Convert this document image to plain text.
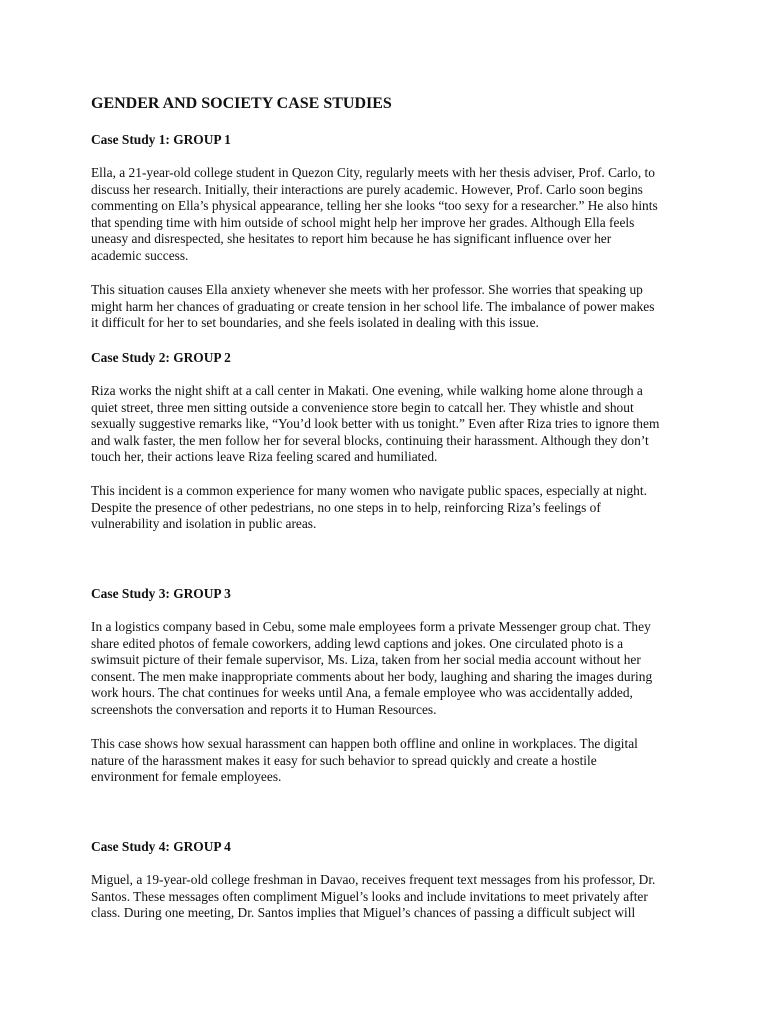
GENDER AND SOCIETY CASE STUDIES
Case Study 1: GROUP 1

Ella, a 21-year-old college student in Quezon City, regularly meets with her thesis adviser, Prof. Carlo, to
discuss her research. Initially, their interactions are purely academic. However, Prof. Carlo soon begins
commenting on Ella’s physical appearance, telling her she looks “too sexy for a researcher.” He also hints
that spending time with him outside of school might help her improve her grades. Although Ella feels
uneasy and disrespected, she hesitates to report him because he has significant influence over her
academic success.

This situation causes Ella anxiety whenever she meets with her professor. She worries that speaking up
might harm her chances of graduating or create tension in her school life. The imbalance of power makes
it difficult for her to set boundaries, and she feels isolated in dealing with this issue.

Case Study 2: GROUP 2

Riza works the night shift at a call center in Makati. One evening, while walking home alone through a
quiet street, three men sitting outside a convenience store begin to catcall her. They whistle and shout
sexually suggestive remarks like, “You’d look better with us tonight.” Even after Riza tries to ignore them
and walk faster, the men follow her for several blocks, continuing their harassment. Although they don’t
touch her, their actions leave Riza feeling scared and humiliated.

This incident is a common experience for many women who navigate public spaces, especially at night.
Despite the presence of other pedestrians, no one steps in to help, reinforcing Riza’s feelings of
vulnerability and isolation in public areas.

Case Study 3: GROUP 3

In a logistics company based in Cebu, some male employees form a private Messenger group chat. They
share edited photos of female coworkers, adding lewd captions and jokes. One circulated photo is a
swimsuit picture of their female supervisor, Ms. Liza, taken from her social media account without her
consent. The men make inappropriate comments about her body, laughing and sharing the images during
work hours. The chat continues for weeks until Ana, a female employee who was accidentally added,
screenshots the conversation and reports it to Human Resources.

This case shows how sexual harassment can happen both offline and online in workplaces. The digital
nature of the harassment makes it easy for such behavior to spread quickly and create a hostile
environment for female employees.

Case Study 4: GROUP 4

Miguel, a 19-year-old college freshman in Davao, receives frequent text messages from his professor, Dr.
Santos. These messages often compliment Miguel’s looks and include invitations to meet privately after
class. During one meeting, Dr. Santos implies that Miguel’s chances of passing a difficult subject will
